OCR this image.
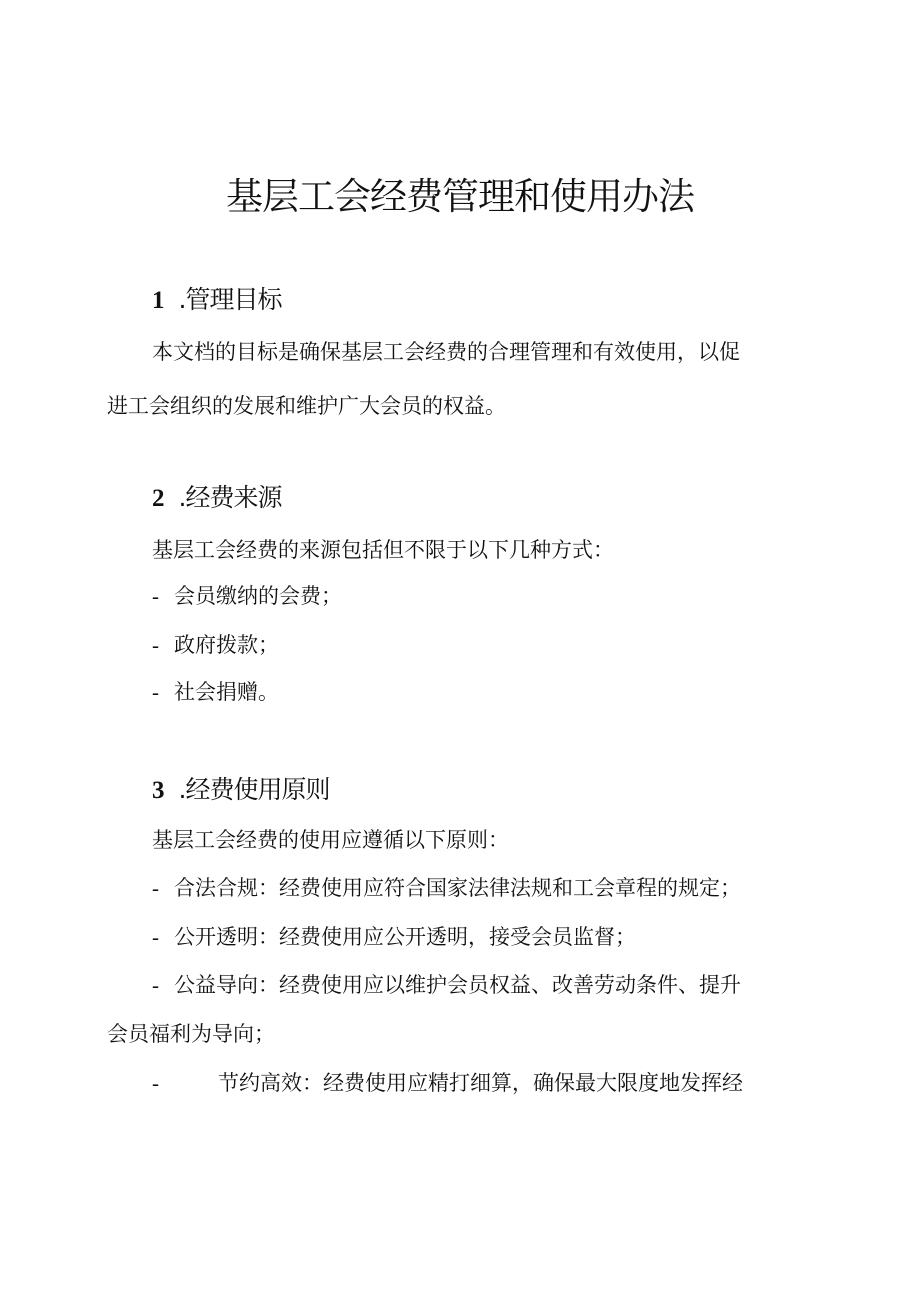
基层工会经费管理和使用办法
1 .管理目标

本文档的目标是确保基层工会经费的合理管理和有效使用，以促

进工会组织的发展和维护广大会员的权益。

2 .经费来源

基层工会经费的来源包括但不限于以下几种方式：

- 会员缴纳的会费；

- 政府拨款；

- 社会捐赠。

3 .经费使用原则

基层工会经费的使用应遵循以下原则：

- 合法合规：经费使用应符合国家法律法规和工会章程的规定；

- 公开透明：经费使用应公开透明，接受会员监督；

- 公益导向：经费使用应以维护会员权益、改善劳动条件、提升

会员福利为导向；

-	节约高效：经费使用应精打细算，确保最大限度地发挥经
